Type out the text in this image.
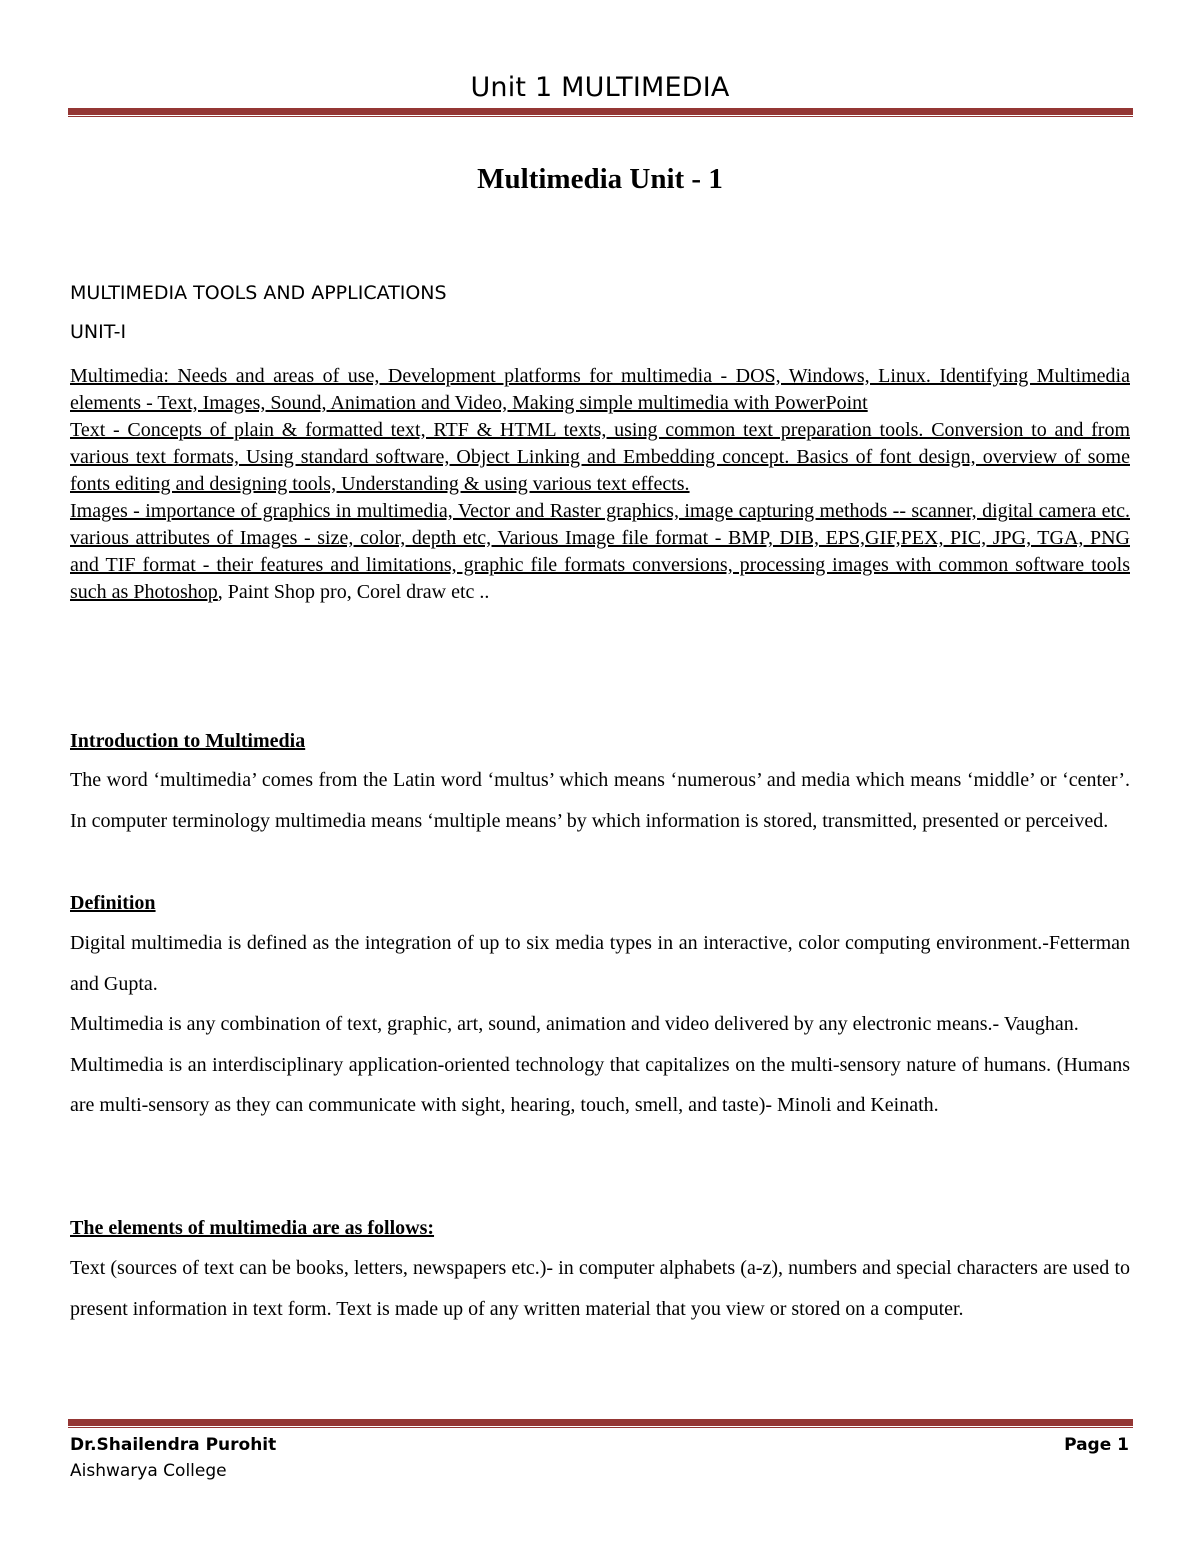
Unit 1 MULTIMEDIA
Multimedia Unit - 1
MULTIMEDIA TOOLS AND APPLICATIONS
UNIT-I

Multimedia: Needs and areas of use, Development platforms for multimedia - DOS, Windows, Linux. Identifying Multimedia elements - Text, Images, Sound, Animation and Video, Making simple multimedia with PowerPoint

Text - Concepts of plain & formatted text, RTF & HTML texts, using common text preparation tools. Conversion to and from various text formats, Using standard software, Object Linking and Embedding concept. Basics of font design, overview of some fonts editing and designing tools, Understanding & using various text effects.

Images - importance of graphics in multimedia, Vector and Raster graphics, image capturing methods -- scanner, digital camera etc. various attributes of Images - size, color, depth etc, Various Image file format - BMP, DIB, EPS,GIF,PEX, PIC, JPG, TGA, PNG and TIF format - their features and limitations, graphic file formats conversions, processing images with common software tools such as Photoshop, Paint Shop pro, Corel draw etc ..

Introduction to Multimedia

The word ‘multimedia’ comes from the Latin word ‘multus’ which means ‘numerous’ and media which means ‘middle’ or ‘center’. In computer terminology multimedia means ‘multiple means’ by which information is stored, transmitted, presented or perceived.

Definition

Digital multimedia is defined as the integration of up to six media types in an interactive, color computing environment.-Fetterman and Gupta.

Multimedia is any combination of text, graphic, art, sound, animation and video delivered by any electronic means.- Vaughan.

Multimedia is an interdisciplinary application-oriented technology that capitalizes on the multi-sensory nature of humans. (Humans are multi-sensory as they can communicate with sight, hearing, touch, smell, and taste)- Minoli and Keinath.

The elements of multimedia are as follows:

Text (sources of text can be books, letters, newspapers etc.)- in computer alphabets (a-z), numbers and special characters are used to present information in text form. Text is made up of any written material that you view or stored on a computer.

Dr.Shailendra Purohit	Page 1
Aishwarya College
